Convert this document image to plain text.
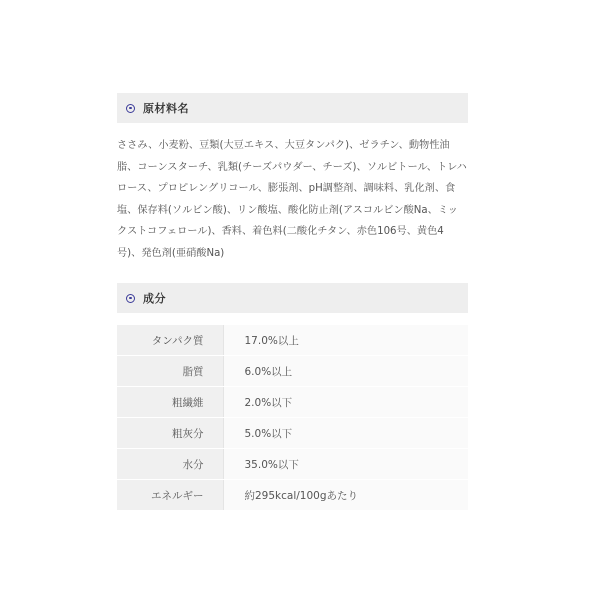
原材料名
ささみ、小麦粉、豆類(大豆エキス、大豆タンパク)、ゼラチン、動物性油脂、コーンスターチ、乳類(チーズパウダー、チーズ)、ソルビトール、トレハロース、プロピレングリコール、膨張剤、pH調整剤、調味料、乳化剤、食塩、保存料(ソルビン酸)、リン酸塩、酸化防止剤(アスコルビン酸Na、ミックストコフェロール)、香料、着色料(二酸化チタン、赤色106号、黄色4号)、発色剤(亜硝酸Na)
成分
タンパク質	17.0%以上
脂質	6.0%以上
粗繊維	2.0%以下
粗灰分	5.0%以下
水分	35.0%以下
エネルギー	約295kcal/100gあたり
